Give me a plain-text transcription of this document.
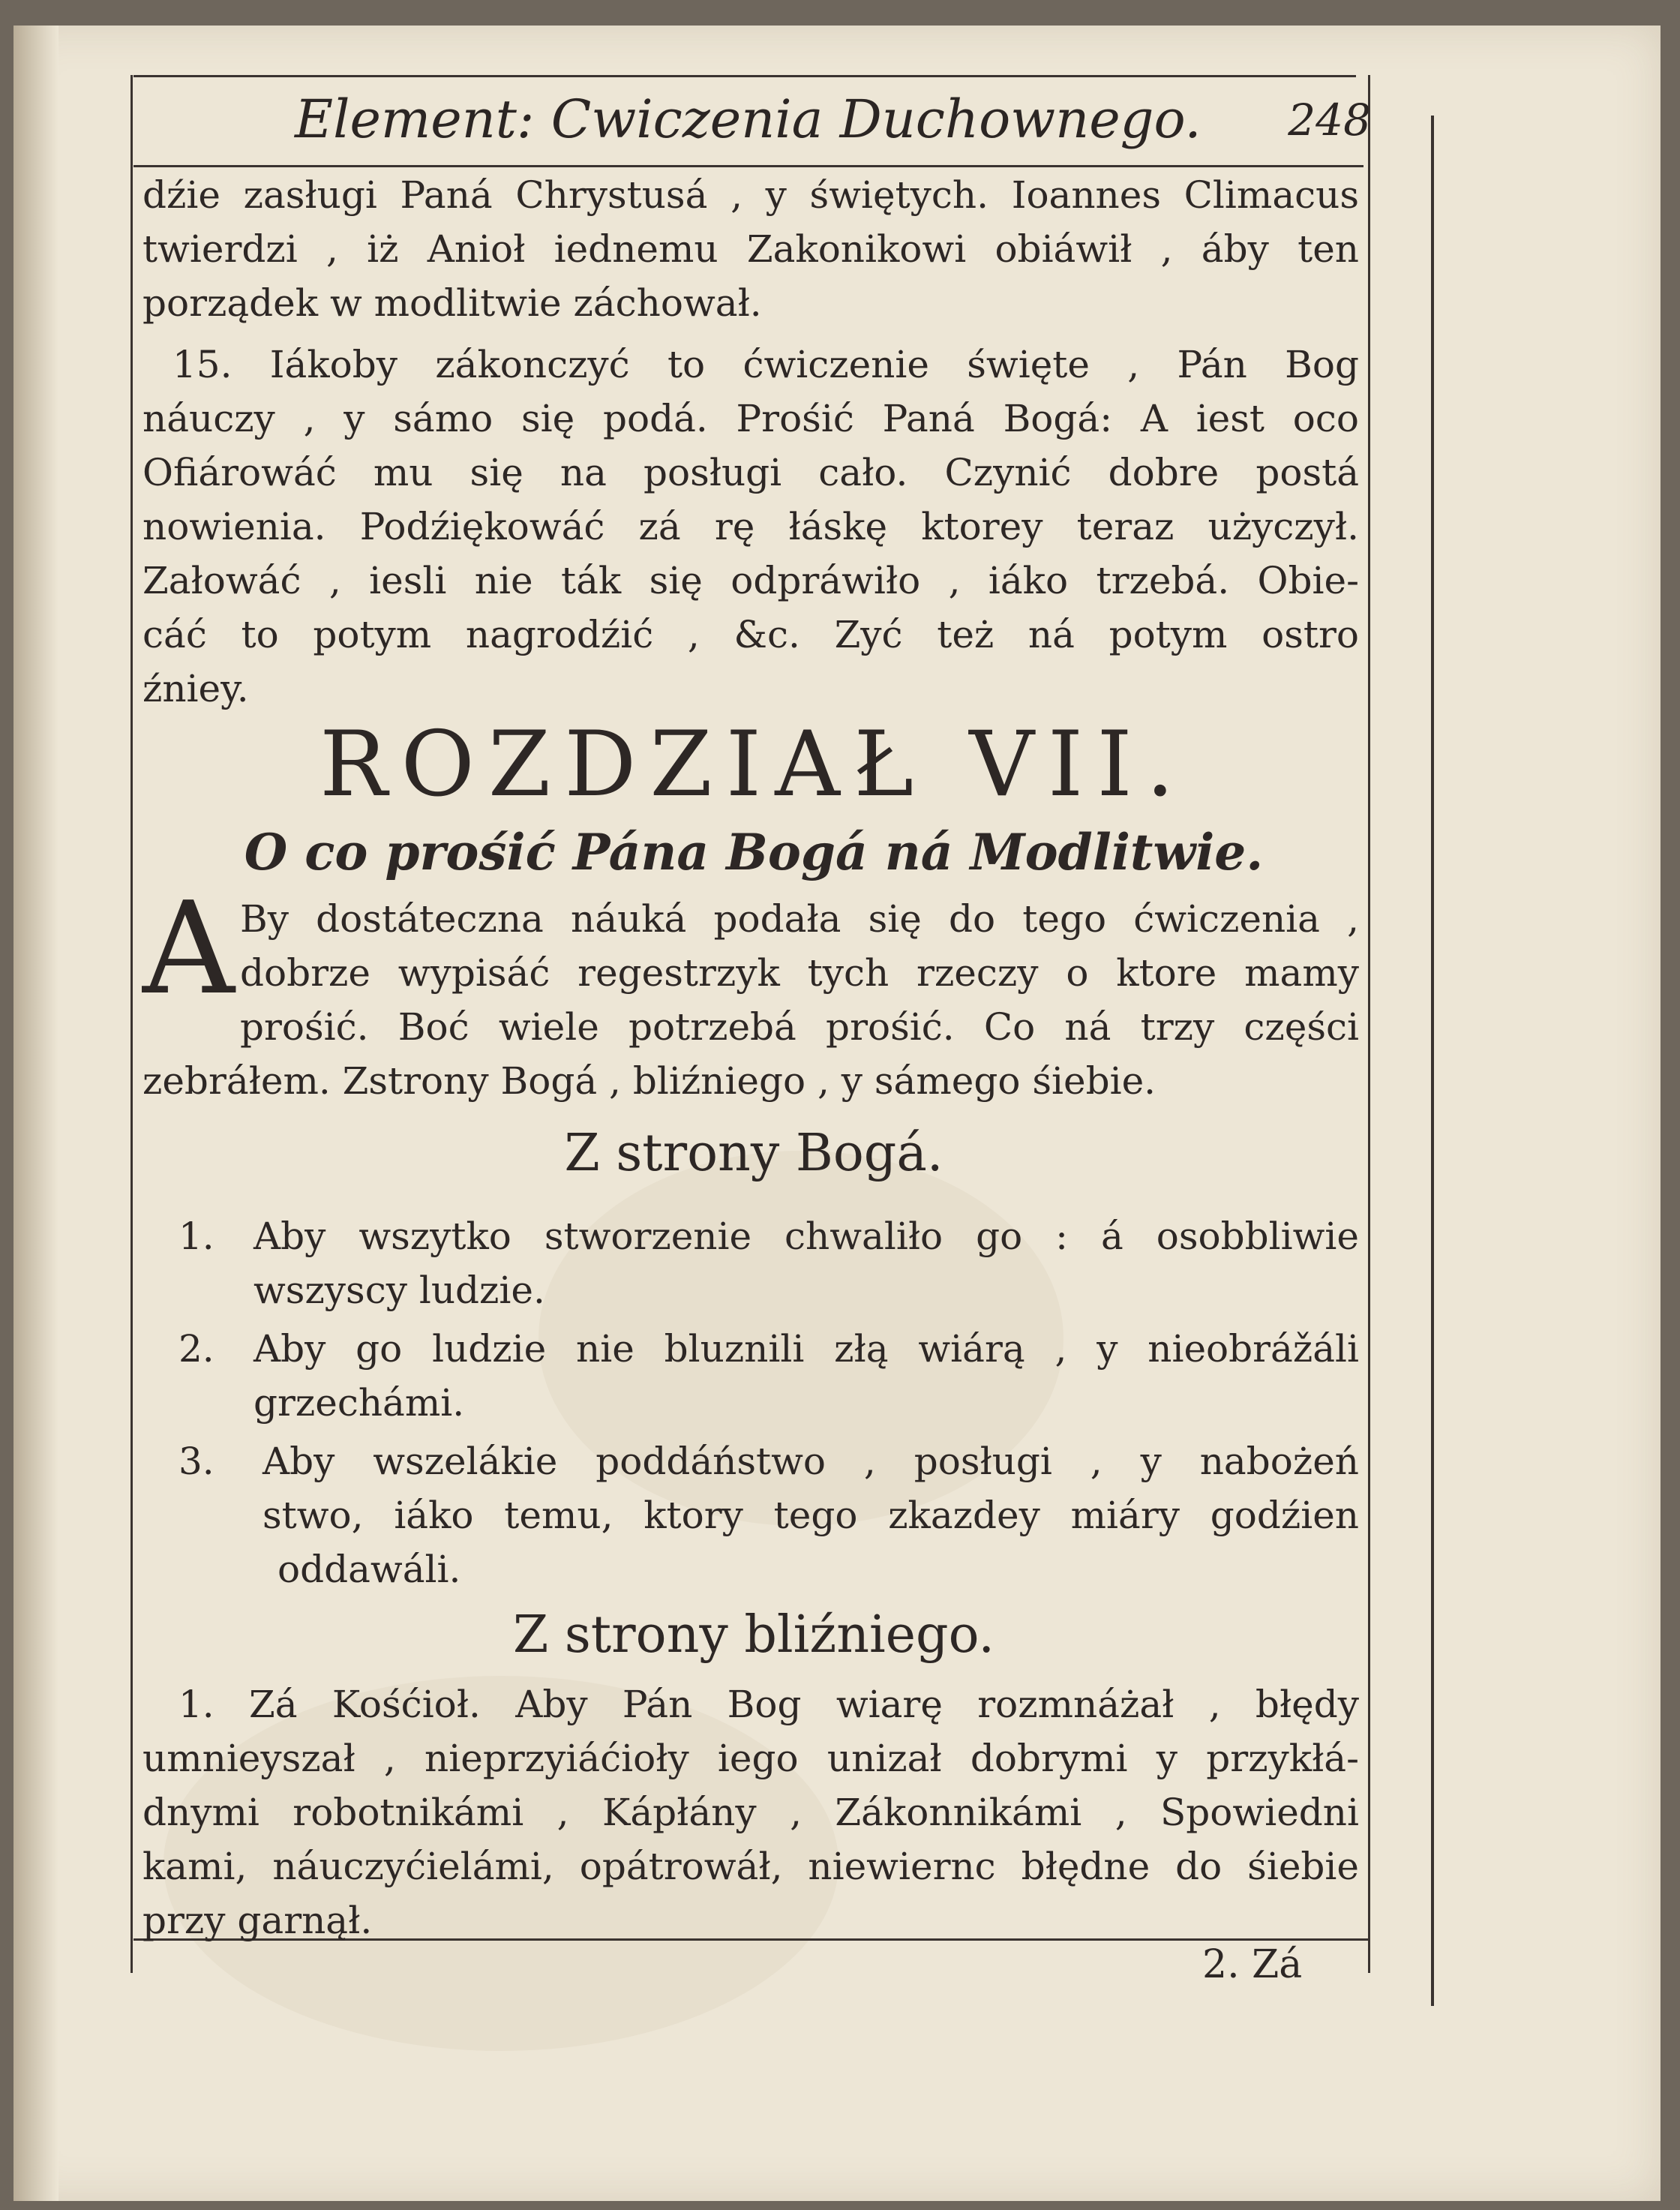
Element: Cwiczenia Duchownego. 248
dźie zasługi Paná Chrystusá , y świętych. Ioannes Climacus
twierdzi , iż Anioł iednemu Zakonikowi obiáwił , áby ten
porządek w modlitwie záchował.
15. Iákoby zákonczyć to ćwiczenie święte , Pán Bog
náuczy , y sámo się podá. Prośić Paná Bogá: A iest oco
Ofiárowáć mu się na posługi cało. Czynić dobre postá
nowienia. Podźiękowáć zá rę łáskę ktorey teraz użyczył.
Załowáć , iesli nie ták się odpráwiło , iáko trzebá. Obie-
cáć to potym nagrodźić , &c. Zyć też ná potym ostro
źniey.
ROZDZIAŁ VII.
O co prośić Pána Bogá ná Modlitwie.
A By dostáteczna náuká podała się do tego ćwiczenia ,
dobrze wypisáć regestrzyk tych rzeczy o ktore mamy
prośić. Boć wiele potrzebá prośić. Co ná trzy części
zebráłem. Zstrony Bogá , bliźniego , y sámego śiebie.
Z strony Bogá.
1. Aby wszytko stworzenie chwaliło go : á osobbliwie
wszyscy ludzie.
2. Aby go ludzie nie bluznili złą wiárą , y nieobrážáli
grzechámi.
3. Aby wszelákie poddáństwo , posługi , y nabożeń
stwo, iáko temu, ktory tego zkazdey miáry godźien
oddawáli.
Z strony bliźniego.
1. Zá Kośćioł. Aby Pán Bog wiarę rozmnáżał , błędy
umnieyszał , nieprzyiáćioły iego unizał dobrymi y przykłá-
dnymi robotnikámi , Kápłány , Zákonnikámi , Spowiedni
kami, náuczyćielámi, opátrowáł, niewiernc błędne do śiebie
przy garnął.
2. Zá
